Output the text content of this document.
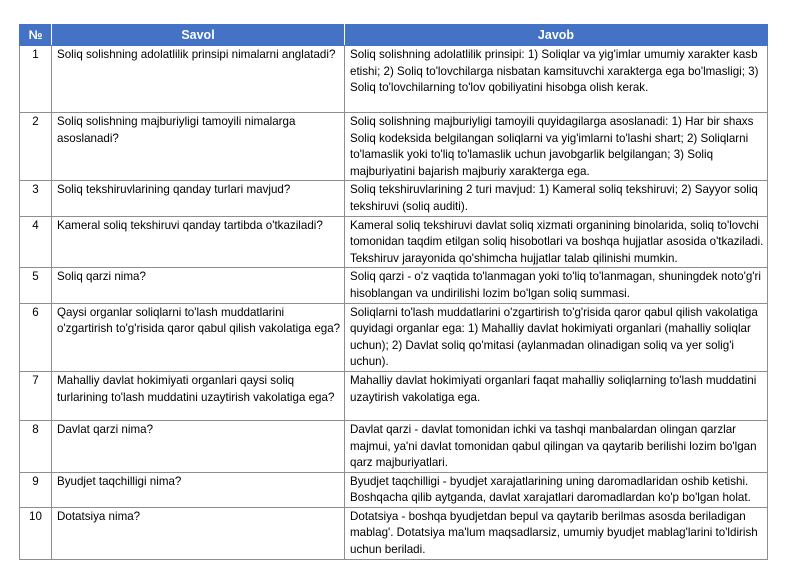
№	Savol	Javob
1	Soliq solishning adolatlilik prinsipi nimalarni anglatadi?	Soliq solishning adolatlilik prinsipi: 1) Soliqlar va yig'imlar umumiy xarakter kasb etishi; 2) Soliq to'lovchilarga nisbatan kamsituvchi xarakterga ega bo'lmasligi; 3) Soliq to'lovchilarning to'lov qobiliyatini hisobga olish kerak.
2	Soliq solishning majburiyligi tamoyili nimalarga asoslanadi?	Soliq solishning majburiyligi tamoyili quyidagilarga asoslanadi: 1) Har bir shaxs Soliq kodeksida belgilangan soliqlarni va yig'imlarni to'lashi shart; 2) Soliqlarni to'lamaslik yoki to'liq to'lamaslik uchun javobgarlik belgilangan; 3) Soliq majburiyatini bajarish majburiy xarakterga ega.
3	Soliq tekshiruvlarining qanday turlari mavjud?	Soliq tekshiruvlarining 2 turi mavjud: 1) Kameral soliq tekshiruvi; 2) Sayyor soliq tekshiruvi (soliq auditi).
4	Kameral soliq tekshiruvi qanday tartibda o'tkaziladi?	Kameral soliq tekshiruvi davlat soliq xizmati organining binolarida, soliq to'lovchi tomonidan taqdim etilgan soliq hisobotlari va boshqa hujjatlar asosida o'tkaziladi. Tekshiruv jarayonida qo'shimcha hujjatlar talab qilinishi mumkin.
5	Soliq qarzi nima?	Soliq qarzi - o'z vaqtida to'lanmagan yoki to'liq to'lanmagan, shuningdek noto'g'ri hisoblangan va undirilishi lozim bo'lgan soliq summasi.
6	Qaysi organlar soliqlarni to'lash muddatlarini o'zgartirish to'g'risida qaror qabul qilish vakolatiga ega?	Soliqlarni to'lash muddatlarini o'zgartirish to'g'risida qaror qabul qilish vakolatiga quyidagi organlar ega: 1) Mahalliy davlat hokimiyati organlari (mahalliy soliqlar uchun); 2) Davlat soliq qo'mitasi (aylanmadan olinadigan soliq va yer solig'i uchun).
7	Mahalliy davlat hokimiyati organlari qaysi soliq turlarining to'lash muddatini uzaytirish vakolatiga ega?	Mahalliy davlat hokimiyati organlari faqat mahalliy soliqlarning to'lash muddatini uzaytirish vakolatiga ega.
8	Davlat qarzi nima?	Davlat qarzi - davlat tomonidan ichki va tashqi manbalardan olingan qarzlar majmui, ya'ni davlat tomonidan qabul qilingan va qaytarib berilishi lozim bo'lgan qarz majburiyatlari.
9	Byudjet taqchilligi nima?	Byudjet taqchilligi - byudjet xarajatlarining uning daromadlaridan oshib ketishi. Boshqacha qilib aytganda, davlat xarajatlari daromadlardan ko'p bo'lgan holat.
10	Dotatsiya nima?	Dotatsiya - boshqa byudjetdan bepul va qaytarib berilmas asosda beriladigan mablag'. Dotatsiya ma'lum maqsadlarsiz, umumiy byudjet mablag'larini to'ldirish uchun beriladi.
